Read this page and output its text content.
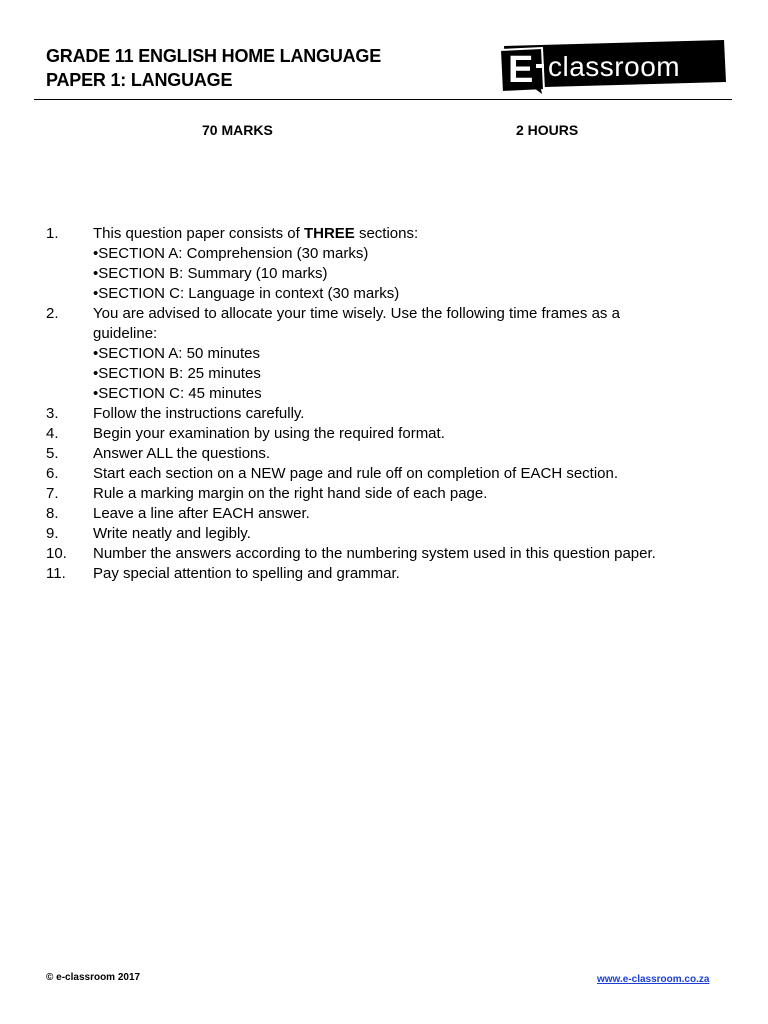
GRADE 11 ENGLISH HOME LANGUAGE
PAPER 1: LANGUAGE	E classroom
70 MARKS	2 HOURS
1.	This question paper consists of THREE sections:
• SECTION A: Comprehension (30 marks)
• SECTION B: Summary (10 marks)
• SECTION C: Language in context (30 marks)
2.	You are advised to allocate your time wisely. Use the following time frames as a
guideline:
• SECTION A: 50 minutes
• SECTION B: 25 minutes
• SECTION C: 45 minutes
3.	Follow the instructions carefully.
4.	Begin your examination by using the required format.
5.	Answer ALL the questions.
6.	Start each section on a NEW page and rule off on completion of EACH section.
7.	Rule a marking margin on the right hand side of each page.
8.	Leave a line after EACH answer.
9.	Write neatly and legibly.
10.	Number the answers according to the numbering system used in this question paper.
11.	Pay special attention to spelling and grammar.
© e-classroom 2017	www.e-classroom.co.za
